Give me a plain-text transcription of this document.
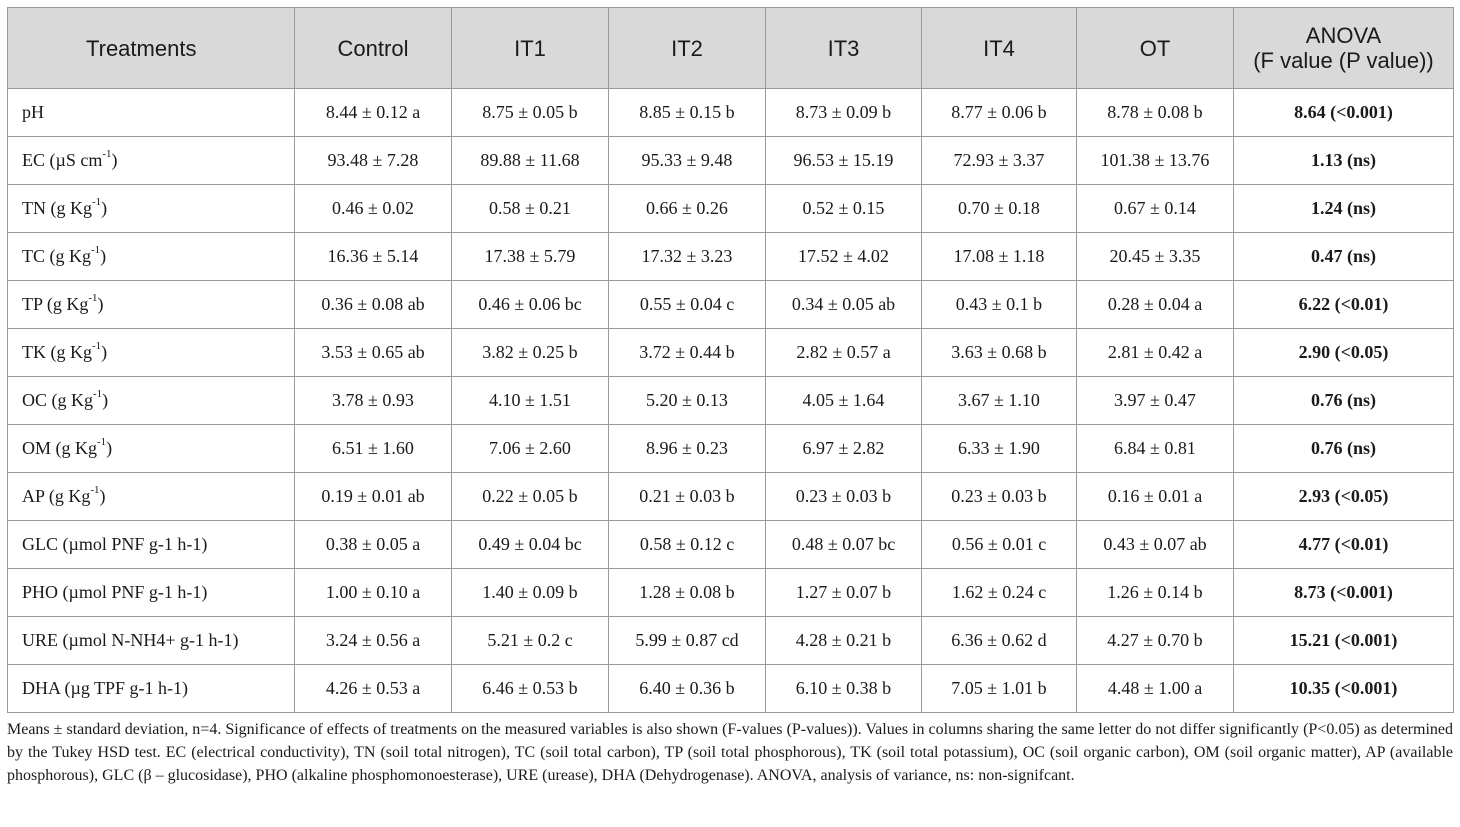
Treatments	Control	IT1	IT2	IT3	IT4	OT	ANOVA
(F value (P value))

pH	8.44 ± 0.12 a	8.75 ± 0.05 b	8.85 ± 0.15 b	8.73 ± 0.09 b	8.77 ± 0.06 b	8.78 ± 0.08 b	8.64 (<0.001)
EC (µS $cm^{-1}$)	93.48 ± 7.28	89.88 ± 11.68	95.33 ± 9.48	96.53 ± 15.19	72.93 ± 3.37	101.38 ± 13.76	1.13 (ns)
TN (g $Kg^{-1}$)	0.46 ± 0.02	0.58 ± 0.21	0.66 ± 0.26	0.52 ± 0.15	0.70 ± 0.18	0.67 ± 0.14	1.24 (ns)
TC (g $Kg^{-1}$)	16.36 ± 5.14	17.38 ± 5.79	17.32 ± 3.23	17.52 ± 4.02	17.08 ± 1.18	20.45 ± 3.35	0.47 (ns)
TP (g $Kg^{-1}$)	0.36 ± 0.08 ab	0.46 ± 0.06 bc	0.55 ± 0.04 c	0.34 ± 0.05 ab	0.43 ± 0.1 b	0.28 ± 0.04 a	6.22 (<0.01)
TK (g $Kg^{-1}$)	3.53 ± 0.65 ab	3.82 ± 0.25 b	3.72 ± 0.44 b	2.82 ± 0.57 a	3.63 ± 0.68 b	2.81 ± 0.42 a	2.90 (<0.05)
OC (g $Kg^{-1}$)	3.78 ± 0.93	4.10 ± 1.51	5.20 ± 0.13	4.05 ± 1.64	3.67 ± 1.10	3.97 ± 0.47	0.76 (ns)
OM (g $Kg^{-1}$)	6.51 ± 1.60	7.06 ± 2.60	8.96 ± 0.23	6.97 ± 2.82	6.33 ± 1.90	6.84 ± 0.81	0.76 (ns)
AP (g $Kg^{-1}$)	0.19 ± 0.01 ab	0.22 ± 0.05 b	0.21 ± 0.03 b	0.23 ± 0.03 b	0.23 ± 0.03 b	0.16 ± 0.01 a	2.93 (<0.05)
GLC (µmol PNF g-1 h-1)	0.38 ± 0.05 a	0.49 ± 0.04 bc	0.58 ± 0.12 c	0.48 ± 0.07 bc	0.56 ± 0.01 c	0.43 ± 0.07 ab	4.77 (<0.01)
PHO (µmol PNF g-1 h-1)	1.00 ± 0.10 a	1.40 ± 0.09 b	1.28 ± 0.08 b	1.27 ± 0.07 b	1.62 ± 0.24 c	1.26 ± 0.14 b	8.73 (<0.001)
URE (µmol N-NH4+ g-1 h-1)	3.24 ± 0.56 a	5.21 ± 0.2 c	5.99 ± 0.87 cd	4.28 ± 0.21 b	6.36 ± 0.62 d	4.27 ± 0.70 b	15.21 (<0.001)
DHA (µg TPF g-1 h-1)	4.26 ± 0.53 a	6.46 ± 0.53 b	6.40 ± 0.36 b	6.10 ± 0.38 b	7.05 ± 1.01 b	4.48 ± 1.00 a	10.35 (<0.001)
Means ± standard deviation, n=4. Significance of effects of treatments on the measured variables is also shown (F-values (P-values)). Values in columns sharing the same letter do not differ significantly (P<0.05) as determined by the Tukey HSD test. EC (electrical conductivity), TN (soil total nitrogen), TC (soil total carbon), TP (soil total phosphorous), TK (soil total potassium), OC (soil organic carbon), OM (soil organic matter), AP (available phosphorous), GLC (β – glucosidase), PHO (alkaline phosphomonoesterase), URE (urease), DHA (Dehydrogenase). ANOVA, analysis of variance, ns: non-signifcant.
